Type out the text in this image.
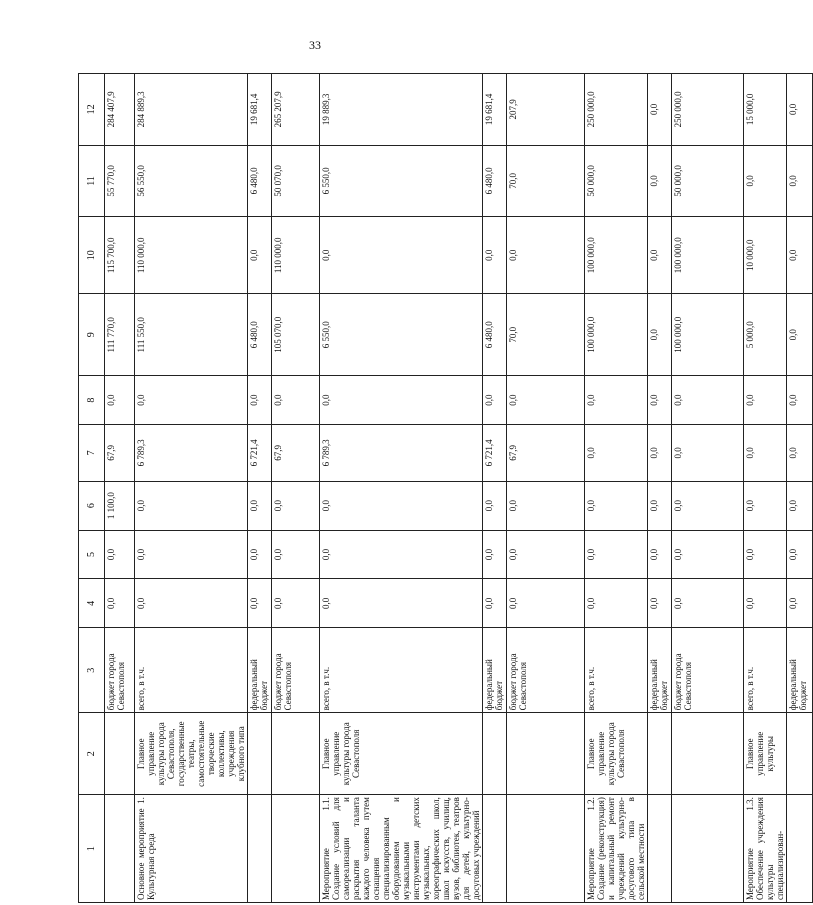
33
1	2	3	4	5	6	7	8	9	10	11	12
		бюджет города Севастополя	0,0	0,0	1 100,0	67,9	0,0	111 770,0	115 700,0	55 770,0	284 407,9
Основное мероприятие 1. Культурная среда	Главное управление культуры города Севастополя, государственные театры, самостоятельные творческие коллективы, учреждения клубного типа	всего, в т.ч.	0,0	0,0	0,0	6 789,3	0,0	111 550,0	110 000,0	56 550,0	284 889,3
		федеральный бюджет	0,0	0,0	0,0	6 721,4	0,0	6 480,0	0,0	6 480,0	19 681,4
		бюджет города Севастополя	0,0	0,0	0,0	67,9	0,0	105 070,0	110 000,0	50 070,0	265 207,9
Мероприятие 1.1. Создание условий для самореализации и раскрытия таланта каждого человека путем оснащения специализированным оборудованием и музыкальными инструментами детских музыкальных, хореографических школ, школ искусств, училищ, вузов, библиотек, театров для детей, культурно-досуговых учреждений	Главное управление культуры города Севастополя	всего, в т.ч.	0,0	0,0	0,0	6 789,3	0,0	6 550,0	0,0	6 550,0	19 889,3
		федеральный бюджет	0,0	0,0	0,0	6 721,4	0,0	6 480,0	0,0	6 480,0	19 681,4
		бюджет города Севастополя	0,0	0,0	0,0	67,9	0,0	70,0	0,0	70,0	207,9
Мероприятие 1.2. Создание (реконструкция) и капитальный ремонт учреждений культурно-досугового типа в сельской местности	Главное управление культуры города Севастополя	всего, в т.ч.	0,0	0,0	0,0	0,0	0,0	100 000,0	100 000,0	50 000,0	250 000,0
		федеральный бюджет	0,0	0,0	0,0	0,0	0,0	0,0	0,0	0,0	0,0
		бюджет города Севастополя	0,0	0,0	0,0	0,0	0,0	100 000,0	100 000,0	50 000,0	250 000,0
Мероприятие 1.3. Обеспечение учреждения культуры специализирован-	Главное управление культуры	всего, в т.ч.	0,0	0,0	0,0	0,0	0,0	5 000,0	10 000,0	0,0	15 000,0
		федеральный бюджет	0,0	0,0	0,0	0,0	0,0	0,0	0,0	0,0	0,0
